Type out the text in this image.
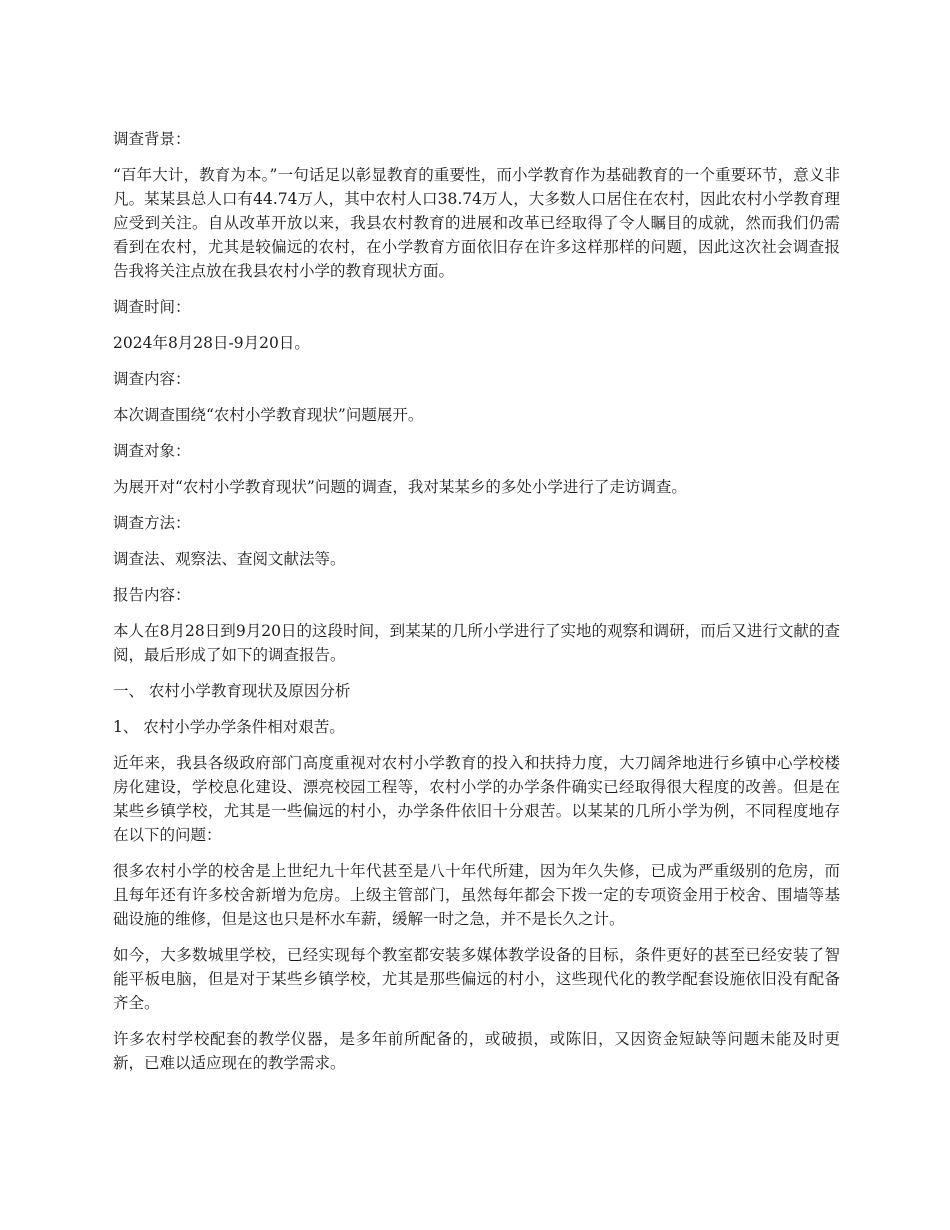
调查背景：

“百年大计，教育为本。”一句话足以彰显教育的重要性，而小学教育作为基础教育的一个重要环节，意义非凡。某某县总人口有44.74万人，其中农村人口38.74万人，大多数人口居住在农村，因此农村小学教育理应受到关注。自从改革开放以来，我县农村教育的进展和改革已经取得了令人瞩目的成就，然而我们仍需看到在农村，尤其是较偏远的农村，在小学教育方面依旧存在许多这样那样的问题，因此这次社会调查报告我将关注点放在我县农村小学的教育现状方面。

调查时间：

2024年8月28日-9月20日。

调查内容：

本次调查围绕“农村小学教育现状”问题展开。

调查对象：

为展开对“农村小学教育现状”问题的调查，我对某某乡的多处小学进行了走访调查。

调查方法：

调查法、观察法、查阅文献法等。

报告内容：

本人在8月28日到9月20日的这段时间，到某某的几所小学进行了实地的观察和调研，而后又进行文献的查阅，最后形成了如下的调查报告。

一、 农村小学教育现状及原因分析

1、 农村小学办学条件相对艰苦。

近年来，我县各级政府部门高度重视对农村小学教育的投入和扶持力度，大刀阔斧地进行乡镇中心学校楼房化建设，学校息化建设、漂亮校园工程等，农村小学的办学条件确实已经取得很大程度的改善。但是在某些乡镇学校，尤其是一些偏远的村小，办学条件依旧十分艰苦。以某某的几所小学为例，不同程度地存在以下的问题：

很多农村小学的校舍是上世纪九十年代甚至是八十年代所建，因为年久失修，已成为严重级别的危房，而且每年还有许多校舍新增为危房。上级主管部门，虽然每年都会下拨一定的专项资金用于校舍、围墙等基础设施的维修，但是这也只是杯水车薪，缓解一时之急，并不是长久之计。

如今，大多数城里学校，已经实现每个教室都安装多媒体教学设备的目标，条件更好的甚至已经安装了智能平板电脑，但是对于某些乡镇学校，尤其是那些偏远的村小，这些现代化的教学配套设施依旧没有配备齐全。

许多农村学校配套的教学仪器，是多年前所配备的，或破损，或陈旧，又因资金短缺等问题未能及时更新，已难以适应现在的教学需求。
